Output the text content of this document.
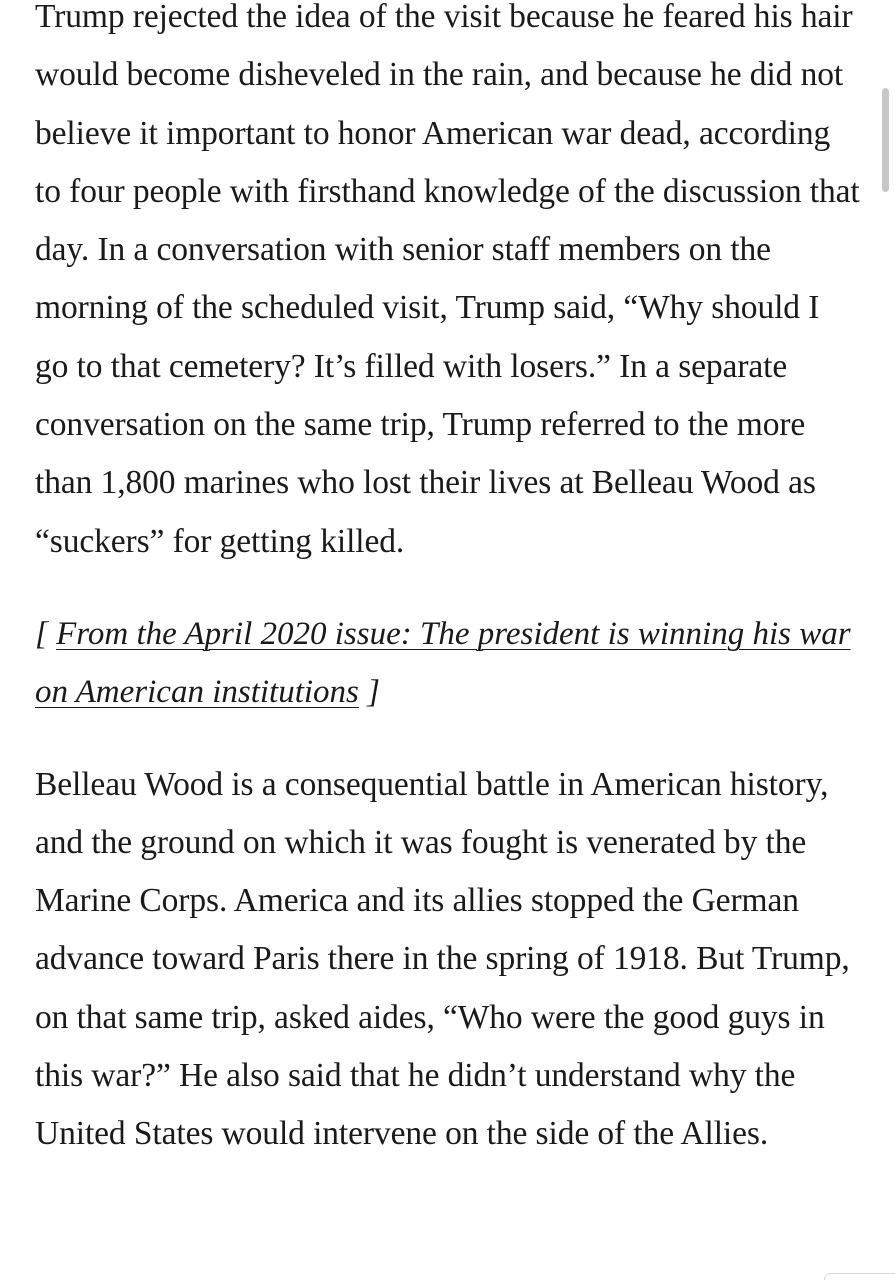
Trump rejected the idea of the visit because he feared his hair would become disheveled in the rain, and because he did not believe it important to honor American war dead, according to four people with firsthand knowledge of the discussion that day. In a conversation with senior staff members on the morning of the scheduled visit, Trump said, “Why should I go to that cemetery? It’s filled with losers.” In a separate conversation on the same trip, Trump referred to the more than 1,800 marines who lost their lives at Belleau Wood as “suckers” for getting killed.

[ From the April 2020 issue: The president is winning his war on American institutions ]

Belleau Wood is a consequential battle in American history, and the ground on which it was fought is venerated by the Marine Corps. America and its allies stopped the German advance toward Paris there in the spring of 1918. But Trump, on that same trip, asked aides, “Who were the good guys in this war?” He also said that he didn’t understand why the United States would intervene on the side of the Allies.
